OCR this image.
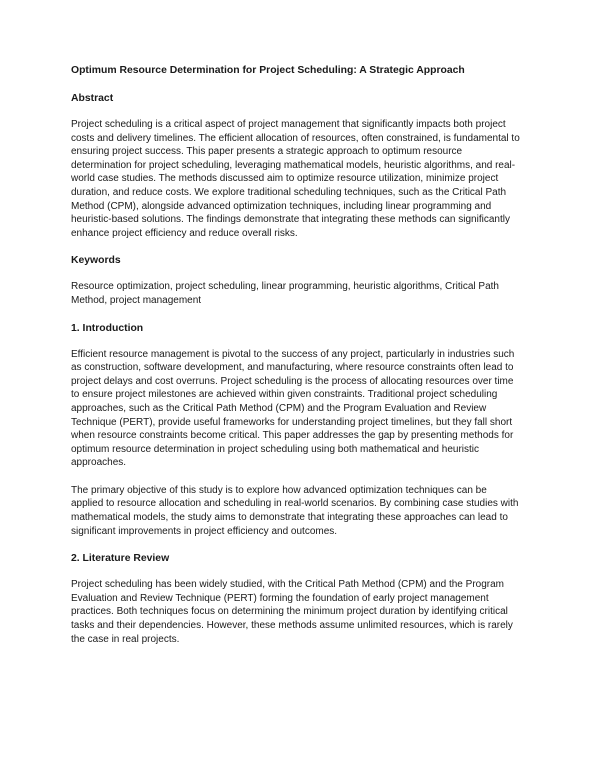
Optimum Resource Determination for Project Scheduling: A Strategic Approach
Abstract
Project scheduling is a critical aspect of project management that significantly impacts both project costs and delivery timelines. The efficient allocation of resources, often constrained, is fundamental to ensuring project success. This paper presents a strategic approach to optimum resource determination for project scheduling, leveraging mathematical models, heuristic algorithms, and real-world case studies. The methods discussed aim to optimize resource utilization, minimize project duration, and reduce costs. We explore traditional scheduling techniques, such as the Critical Path Method (CPM), alongside advanced optimization techniques, including linear programming and heuristic-based solutions. The findings demonstrate that integrating these methods can significantly enhance project efficiency and reduce overall risks.
Keywords
Resource optimization, project scheduling, linear programming, heuristic algorithms, Critical Path Method, project management
1. Introduction
Efficient resource management is pivotal to the success of any project, particularly in industries such as construction, software development, and manufacturing, where resource constraints often lead to project delays and cost overruns. Project scheduling is the process of allocating resources over time to ensure project milestones are achieved within given constraints. Traditional project scheduling approaches, such as the Critical Path Method (CPM) and the Program Evaluation and Review Technique (PERT), provide useful frameworks for understanding project timelines, but they fall short when resource constraints become critical. This paper addresses the gap by presenting methods for optimum resource determination in project scheduling using both mathematical and heuristic approaches.
The primary objective of this study is to explore how advanced optimization techniques can be applied to resource allocation and scheduling in real-world scenarios. By combining case studies with mathematical models, the study aims to demonstrate that integrating these approaches can lead to significant improvements in project efficiency and outcomes.
2. Literature Review
Project scheduling has been widely studied, with the Critical Path Method (CPM) and the Program Evaluation and Review Technique (PERT) forming the foundation of early project management practices. Both techniques focus on determining the minimum project duration by identifying critical tasks and their dependencies. However, these methods assume unlimited resources, which is rarely the case in real projects.
